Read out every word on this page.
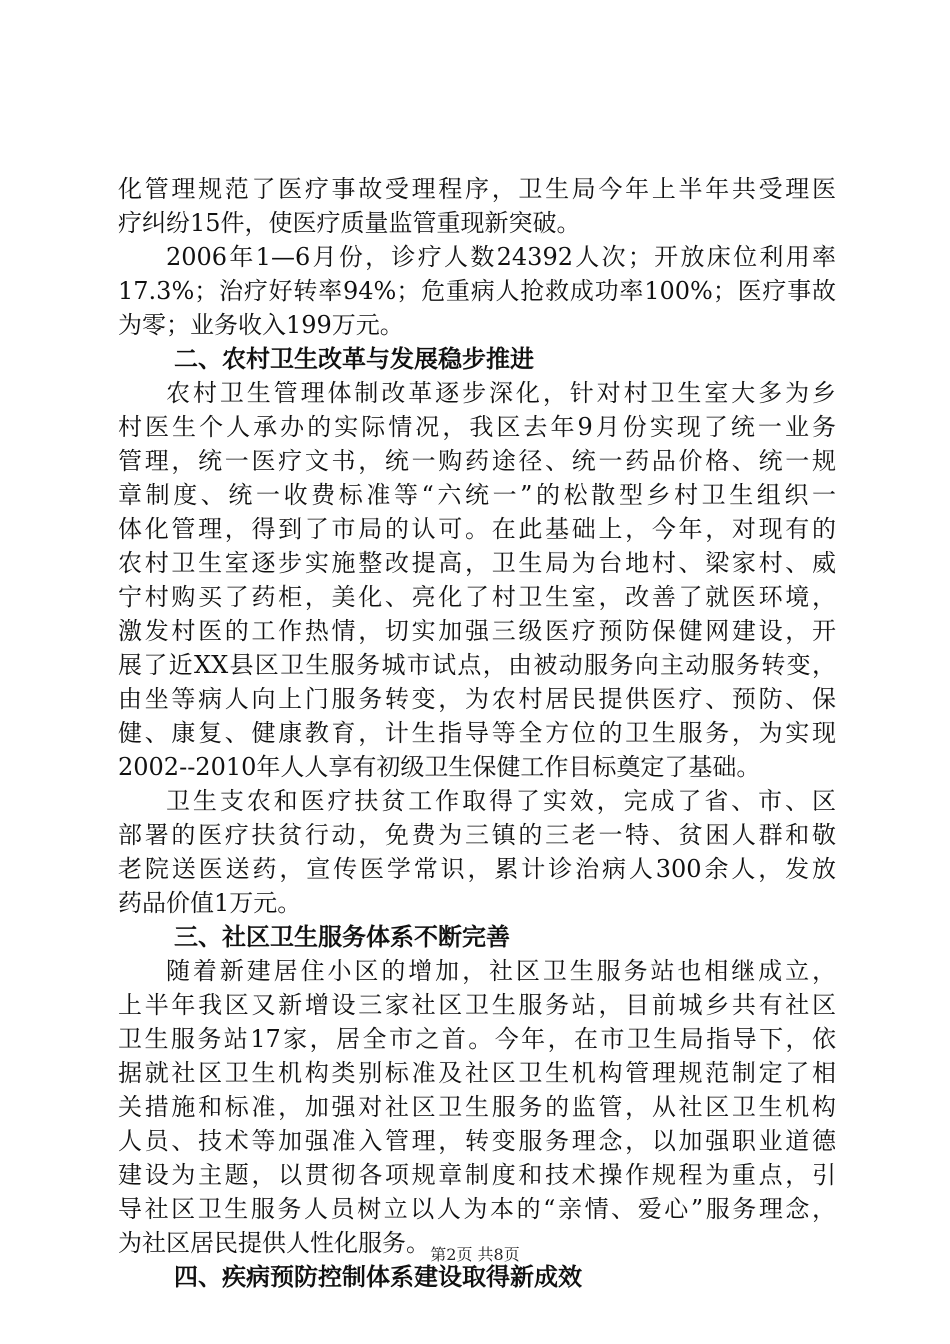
化管理规范了医疗事故受理程序，卫生局今年上半年共受理医
疗纠纷15件，使医疗质量监管重现新突破。
2006年1—6月份，诊疗人数24392人次；开放床位利用率
17.3%；治疗好转率94%；危重病人抢救成功率100%；医疗事故
为零；业务收入199万元。
二、农村卫生改革与发展稳步推进
农村卫生管理体制改革逐步深化，针对村卫生室大多为乡
村医生个人承办的实际情况，我区去年9月份实现了统一业务
管理，统一医疗文书，统一购药途径、统一药品价格、统一规
章制度、统一收费标准等“六统一”的松散型乡村卫生组织一
体化管理，得到了市局的认可。在此基础上，今年，对现有的
农村卫生室逐步实施整改提高，卫生局为台地村、梁家村、威
宁村购买了药柜，美化、亮化了村卫生室，改善了就医环境，
激发村医的工作热情，切实加强三级医疗预防保健网建设，开
展了近XX县区卫生服务城市试点，由被动服务向主动服务转变，
由坐等病人向上门服务转变，为农村居民提供医疗、预防、保
健、康复、健康教育，计生指导等全方位的卫生服务，为实现
2002--2010年人人享有初级卫生保健工作目标奠定了基础。
卫生支农和医疗扶贫工作取得了实效，完成了省、市、区
部署的医疗扶贫行动，免费为三镇的三老一特、贫困人群和敬
老院送医送药，宣传医学常识，累计诊治病人300余人，发放
药品价值1万元。
三、社区卫生服务体系不断完善
随着新建居住小区的增加，社区卫生服务站也相继成立，
上半年我区又新增设三家社区卫生服务站，目前城乡共有社区
卫生服务站17家，居全市之首。今年，在市卫生局指导下，依
据就社区卫生机构类别标准及社区卫生机构管理规范制定了相
关措施和标准，加强对社区卫生服务的监管，从社区卫生机构
人员、技术等加强准入管理，转变服务理念，以加强职业道德
建设为主题，以贯彻各项规章制度和技术操作规程为重点，引
导社区卫生服务人员树立以人为本的“亲情、爱心”服务理念，
为社区居民提供人性化服务。
四、疾病预防控制体系建设取得新成效
第2页 共8页
